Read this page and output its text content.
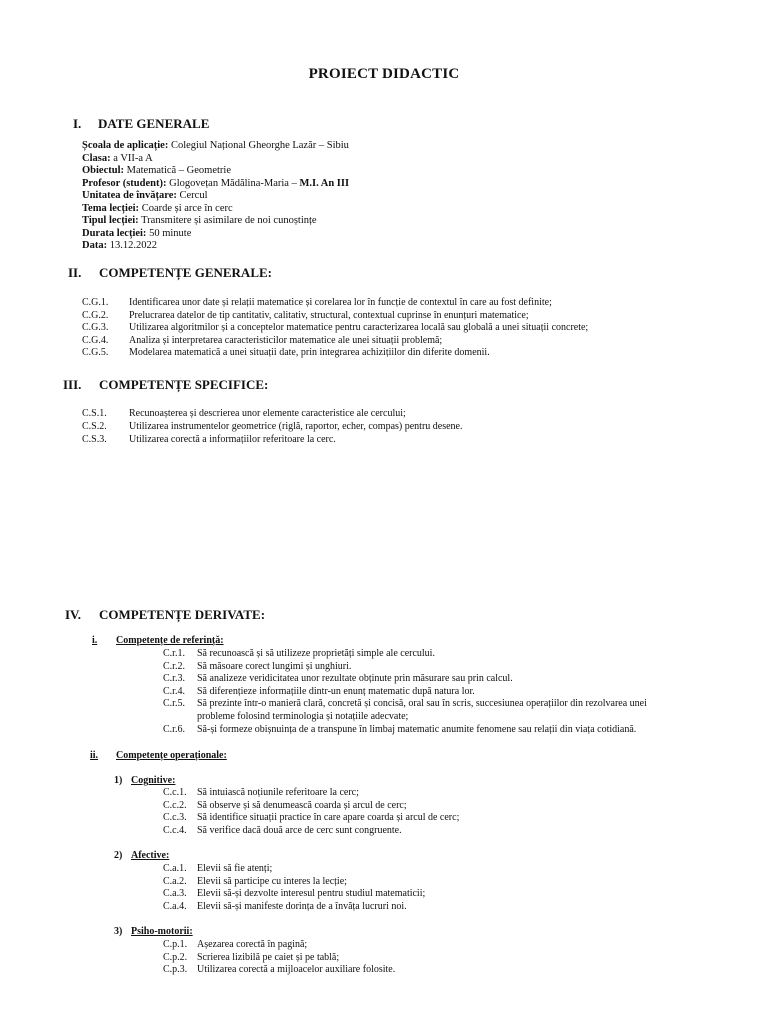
PROIECT DIDACTIC
I. DATE GENERALE
Școala de aplicație: Colegiul Național Gheorghe Lazăr – Sibiu
Clasa: a VII-a A
Obiectul: Matematică – Geometrie
Profesor (student): Glogovețan Mădălina-Maria – M.I. An III
Unitatea de învățare: Cercul
Tema lecției: Coarde și arce în cerc
Tipul lecției: Transmitere și asimilare de noi cunoștințe
Durata lecției: 50 minute
Data: 13.12.2022
II. COMPETENȚE GENERALE:
C.G.1. Identificarea unor date și relații matematice și corelarea lor în funcție de contextul în care au fost definite;
C.G.2. Prelucrarea datelor de tip cantitativ, calitativ, structural, contextual cuprinse în enunțuri matematice;
C.G.3. Utilizarea algoritmilor și a conceptelor matematice pentru caracterizarea locală sau globală a unei situații concrete;
C.G.4. Analiza și interpretarea caracteristicilor matematice ale unei situații problemă;
C.G.5. Modelarea matematică a unei situații date, prin integrarea achizițiilor din diferite domenii.
III. COMPETENȚE SPECIFICE:
C.S.1. Recunoașterea și descrierea unor elemente caracteristice ale cercului;
C.S.2. Utilizarea instrumentelor geometrice (riglă, raportor, echer, compas) pentru desene.
C.S.3. Utilizarea corectă a informațiilor referitoare la cerc.
IV. COMPETENȚE DERIVATE:
i. Competențe de referință:
C.r.1. Să recunoască și să utilizeze proprietăți simple ale cercului.
C.r.2. Să măsoare corect lungimi și unghiuri.
C.r.3. Să analizeze veridicitatea unor rezultate obținute prin măsurare sau prin calcul.
C.r.4. Să diferențieze informațiile dintr-un enunț matematic după natura lor.
C.r.5. Să prezinte într-o manieră clară, concretă și concisă, oral sau în scris, succesiunea operațiilor din rezolvarea unei
probleme folosind terminologia și notațiile adecvate;
C.r.6. Să-și formeze obișnuința de a transpune în limbaj matematic anumite fenomene sau relații din viața cotidiană.
ii. Competențe operaționale:
1) Cognitive:
C.c.1. Să intuiască noțiunile referitoare la cerc;
C.c.2. Să observe și să denumească coarda și arcul de cerc;
C.c.3. Să identifice situații practice în care apare coarda și arcul de cerc;
C.c.4. Să verifice dacă două arce de cerc sunt congruente.
2) Afective:
C.a.1. Elevii să fie atenți;
C.a.2. Elevii să participe cu interes la lecție;
C.a.3. Elevii să-și dezvolte interesul pentru studiul matematicii;
C.a.4. Elevii să-și manifeste dorința de a învăța lucruri noi.
3) Psiho-motorii:
C.p.1. Așezarea corectă în pagină;
C.p.2. Scrierea lizibilă pe caiet și pe tablă;
C.p.3. Utilizarea corectă a mijloacelor auxiliare folosite.
